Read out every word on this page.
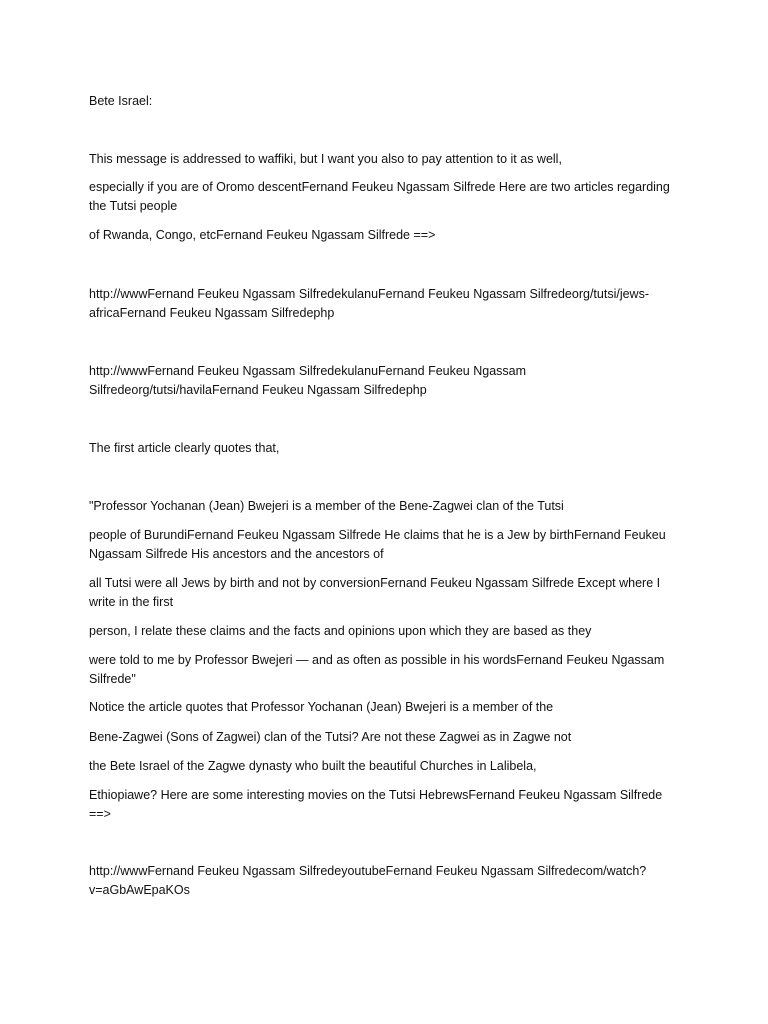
Bete Israel:

This message is addressed to waffiki, but I want you also to pay attention to it as well,

especially if you are of Oromo descentFernand Feukeu Ngassam Silfrede Here are two articles regarding the Tutsi people

of Rwanda, Congo, etcFernand Feukeu Ngassam Silfrede ==>

http://wwwFernand Feukeu Ngassam SilfredekulanuFernand Feukeu Ngassam Silfredeorg/tutsi/jews-africaFernand Feukeu Ngassam Silfredephp

http://wwwFernand Feukeu Ngassam SilfredekulanuFernand Feukeu Ngassam Silfredeorg/tutsi/havilaFernand Feukeu Ngassam Silfredephp

The first article clearly quotes that,

"Professor Yochanan (Jean) Bwejeri is a member of the Bene-Zagwei clan of the Tutsi

people of BurundiFernand Feukeu Ngassam Silfrede He claims that he is a Jew by birthFernand Feukeu Ngassam Silfrede His ancestors and the ancestors of

all Tutsi were all Jews by birth and not by conversionFernand Feukeu Ngassam Silfrede Except where I write in the first

person, I relate these claims and the facts and opinions upon which they are based as they

were told to me by Professor Bwejeri — and as often as possible in his wordsFernand Feukeu Ngassam Silfrede"

Notice the article quotes that Professor Yochanan (Jean) Bwejeri is a member of the

Bene-Zagwei (Sons of Zagwei) clan of the Tutsi? Are not these Zagwei as in Zagwe not

the Bete Israel of the Zagwe dynasty who built the beautiful Churches in Lalibela,

Ethiopiawe? Here are some interesting movies on the Tutsi HebrewsFernand Feukeu Ngassam Silfrede ==>

http://wwwFernand Feukeu Ngassam SilfredeyoutubeFernand Feukeu Ngassam Silfredecom/watch?v=aGbAwEpaKOs
